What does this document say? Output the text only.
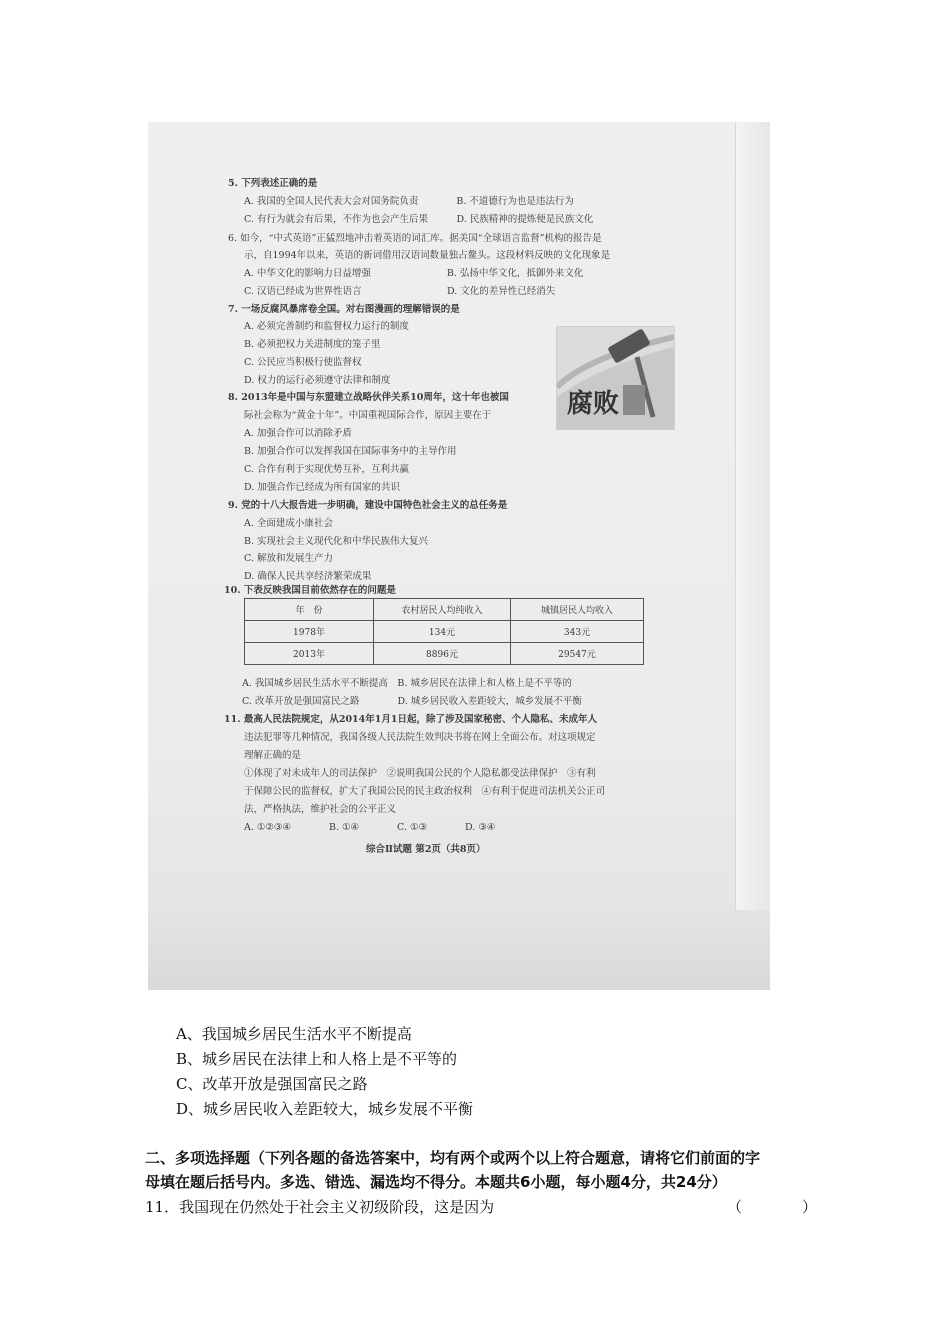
5. 下列表述正确的是
A. 我国的全国人民代表大会对国务院负责　　　　B. 不道德行为也是违法行为
C. 有行为就会有后果，不作为也会产生后果　　　D. 民族精神的提炼便是民族文化
6. 如今，“中式英语”正猛烈地冲击着英语的词汇库。据美国“全球语言监督”机构的报告是
示，自1994年以来，英语的新词借用汉语词数量独占鳌头。这段材料反映的文化现象是
A. 中华文化的影响力日益增强　　　　　　　　B. 弘扬中华文化，抵御外来文化
C. 汉语已经成为世界性语言　　　　　　　　　D. 文化的差异性已经消失
7. 一场反腐风暴席卷全国。对右图漫画的理解错误的是
A. 必须完善制约和监督权力运行的制度
B. 必须把权力关进制度的笼子里
C. 公民应当积极行使监督权
D. 权力的运行必须遵守法律和制度
8. 2013年是中国与东盟建立战略伙伴关系10周年，这十年也被国
际社会称为“黄金十年”。中国重视国际合作，原因主要在于
A. 加强合作可以消除矛盾
B. 加强合作可以发挥我国在国际事务中的主导作用
C. 合作有利于实现优势互补，互利共赢
D. 加强合作已经成为所有国家的共识
9. 党的十八大报告进一步明确，建设中国特色社会主义的总任务是
A. 全面建成小康社会
B. 实现社会主义现代化和中华民族伟大复兴
C. 解放和发展生产力
D. 确保人民共享经济繁荣成果
10. 下表反映我国目前依然存在的问题是
腐败
年　份	农村居民人均纯收入	城镇居民人均收入
1978年	134元	343元
2013年	8896元	29547元
A. 我国城乡居民生活水平不断提高　B. 城乡居民在法律上和人格上是不平等的
C. 改革开放是强国富民之路　　　　D. 城乡居民收入差距较大，城乡发展不平衡
11. 最高人民法院规定，从2014年1月1日起，除了涉及国家秘密、个人隐私、未成年人
违法犯罪等几种情况，我国各级人民法院生效判决书将在网上全面公布。对这项规定
理解正确的是
①体现了对未成年人的司法保护　②说明我国公民的个人隐私都受法律保护　③有利
于保障公民的监督权，扩大了我国公民的民主政治权利　④有利于促进司法机关公正司
法，严格执法，维护社会的公平正义
A. ①②③④　　　　B. ①④　　　　C. ①③　　　　D. ③④
综合Ⅱ试题 第2页（共8页）
A、我国城乡居民生活水平不断提高
B、城乡居民在法律上和人格上是不平等的
C、改革开放是强国富民之路
D、城乡居民收入差距较大，城乡发展不平衡
二、多项选择题（下列各题的备选答案中，均有两个或两个以上符合题意，请将它们前面的字
母填在题后括号内。多选、错选、漏选均不得分。本题共6小题，每小题4分，共24分）
11．我国现在仍然处于社会主义初级阶段，这是因为	（　　　　）
